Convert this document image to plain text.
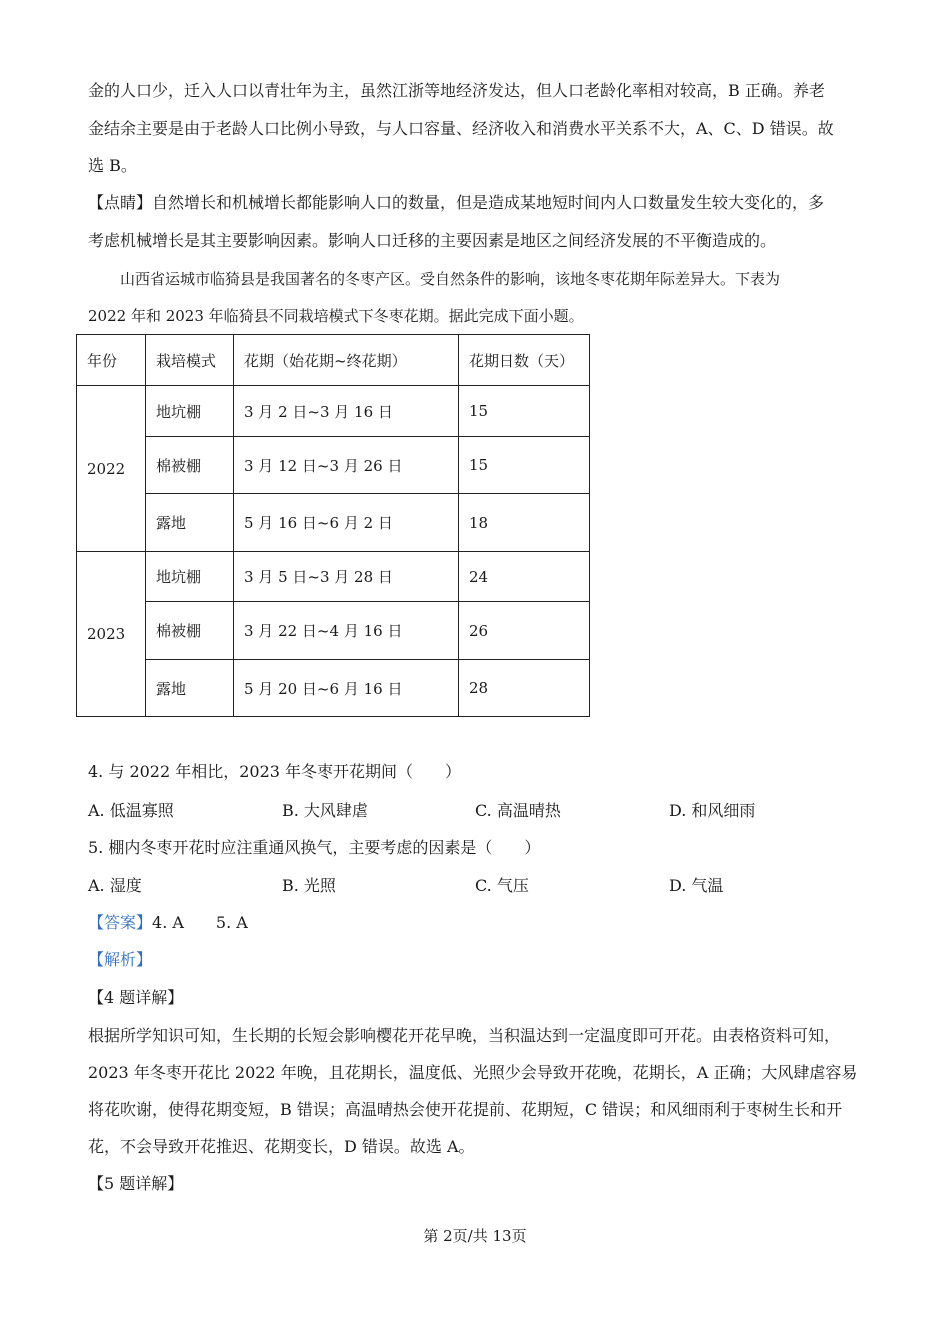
金的人口少，迁入人口以青壮年为主，虽然江浙等地经济发达，但人口老龄化率相对较高，B 正确。养老
金结余主要是由于老龄人口比例小导致，与人口容量、经济收入和消费水平关系不大，A、C、D 错误。故
选 B。
【点睛】自然增长和机械增长都能影响人口的数量，但是造成某地短时间内人口数量发生较大变化的，多
考虑机械增长是其主要影响因素。影响人口迁移的主要因素是地区之间经济发展的不平衡造成的。
山西省运城市临猗县是我国著名的冬枣产区。受自然条件的影响，该地冬枣花期年际差异大。下表为
2022 年和 2023 年临猗县不同栽培模式下冬枣花期。据此完成下面小题。
年份	栽培模式	花期（始花期~终花期）	花期日数（天）
2022	地坑棚	3 月 2 日~3 月 16 日	15
	棉被棚	3 月 12 日~3 月 26 日	15
	露地	5 月 16 日~6 月 2 日	18
2023	地坑棚	3 月 5 日~3 月 28 日	24
	棉被棚	3 月 22 日~4 月 16 日	26
	露地	5 月 20 日~6 月 16 日	28
4. 与 2022 年相比，2023 年冬枣开花期间（　　）
A. 低温寡照	B. 大风肆虐	C. 高温晴热	D. 和风细雨
5. 棚内冬枣开花时应注重通风换气，主要考虑的因素是（　　）
A. 湿度	B. 光照	C. 气压	D. 气温
【答案】4. A　　5. A
【解析】
【4 题详解】
根据所学知识可知，生长期的长短会影响樱花开花早晚，当积温达到一定温度即可开花。由表格资料可知，
2023 年冬枣开花比 2022 年晚，且花期长，温度低、光照少会导致开花晚，花期长，A 正确；大风肆虐容易
将花吹谢，使得花期变短，B 错误；高温晴热会使开花提前、花期短，C 错误；和风细雨利于枣树生长和开
花，不会导致开花推迟、花期变长，D 错误。故选 A。
【5 题详解】
第 2页/共 13页
